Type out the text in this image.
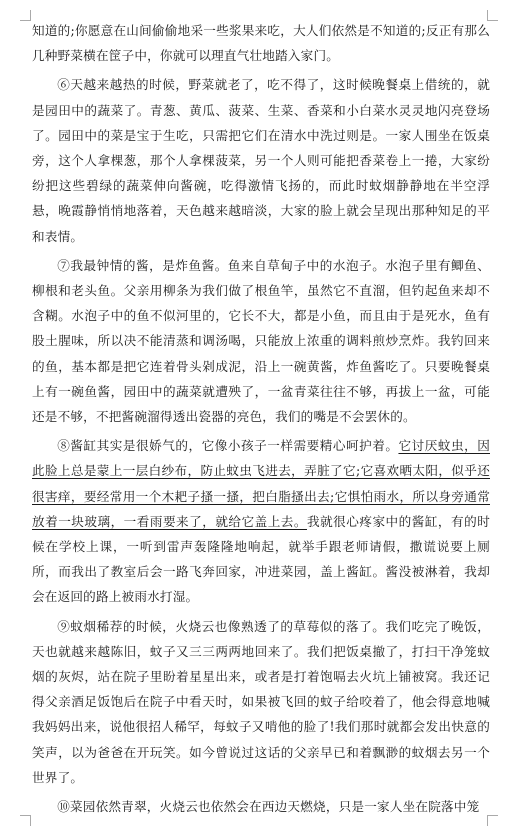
知道的;你愿意在山间偷偷地采一些浆果来吃，大人们依然是不知道的;反正有那么几种野菜横在筐子中，你就可以理直气壮地踏入家门。

⑥天越来越热的时候，野菜就老了，吃不得了，这时候晚餐桌上借统的，就是园田中的蔬菜了。青葱、黄瓜、菠菜、生菜、香菜和小白菜水灵灵地闪亮登场了。园田中的菜是宝于生吃，只需把它们在清水中洗过则是。一家人围坐在饭桌旁，这个人拿棵葱，那个人拿棵菠菜，另一个人则可能把香菜卷上一捲，大家纷纷把这些碧绿的蔬菜伸向酱碗，吃得激情飞扬的，而此时蚊烟静静地在半空浮悬，晚霞静悄悄地落着，天色越来越暗淡，大家的脸上就会呈现出那种知足的平和表情。

⑦我最钟情的酱，是炸鱼酱。鱼来自草甸子中的水泡子。水泡子里有鲫鱼、柳根和老头鱼。父亲用柳条为我们做了根鱼竿，虽然它不直溜，但钓起鱼来却不含糊。水泡子中的鱼不似河里的，它长不大，都是小鱼，而且由于是死水，鱼有股土腥味，所以决不能清蒸和调汤喝，只能放上浓重的调料煎炒烹炸。我钓回来的鱼，基本都是把它连着骨头剁成泥，沿上一碗黄酱，炸鱼酱吃了。只要晚餐桌上有一碗鱼酱，园田中的蔬菜就遭殃了，一盆青菜往往不够，再拔上一盆，可能还是不够，不把酱碗溜得透出瓷器的亮色，我们的嘴是不会罢休的。

⑧酱缸其实是很娇气的，它像小孩子一样需要精心呵护着。它讨厌蚊虫，因此脸上总是蒙上一层白纱布，防止蚊虫飞进去，弄脏了它;它喜欢晒太阳，似乎还很害痒，要经常用一个木耙子搔一搔，把白脂搔出去;它惧怕雨水，所以身旁通常放着一块玻璃，一看雨要来了，就给它盖上去。我就很心疼家中的酱缸，有的时候在学校上课，一听到雷声轰隆隆地响起，就举手跟老师请假，撒谎说要上厕所，而我出了教室后会一路飞奔回家，冲进菜园，盖上酱缸。酱没被淋着，我却会在返回的路上被雨水打湿。

⑨蚊烟稀荐的时候，火烧云也像熟透了的草莓似的落了。我们吃完了晚饭，天也就越来越陈旧，蚊子又三三两两地回来了。我们把饭桌撤了，打扫干净笼蚊烟的灰烬，站在院子里盼着星星出来，或者是打着饱嗝去火坑上铺被窝。我还记得父亲酒足饭饱后在院子中看天时，如果被飞回的蚊子给咬着了，他会得意地喊我妈妈出来，说他很招人稀罕，每蚊子又啃他的脸了!我们那时就都会发出快意的笑声，以为爸爸在开玩笑。如今曾说过这话的父亲早已和着飘渺的蚊烟去另一个世界了。

⑩菜园依然青翠，火烧云也依然会在西边天燃烧，只是一家人坐在院落中笼
